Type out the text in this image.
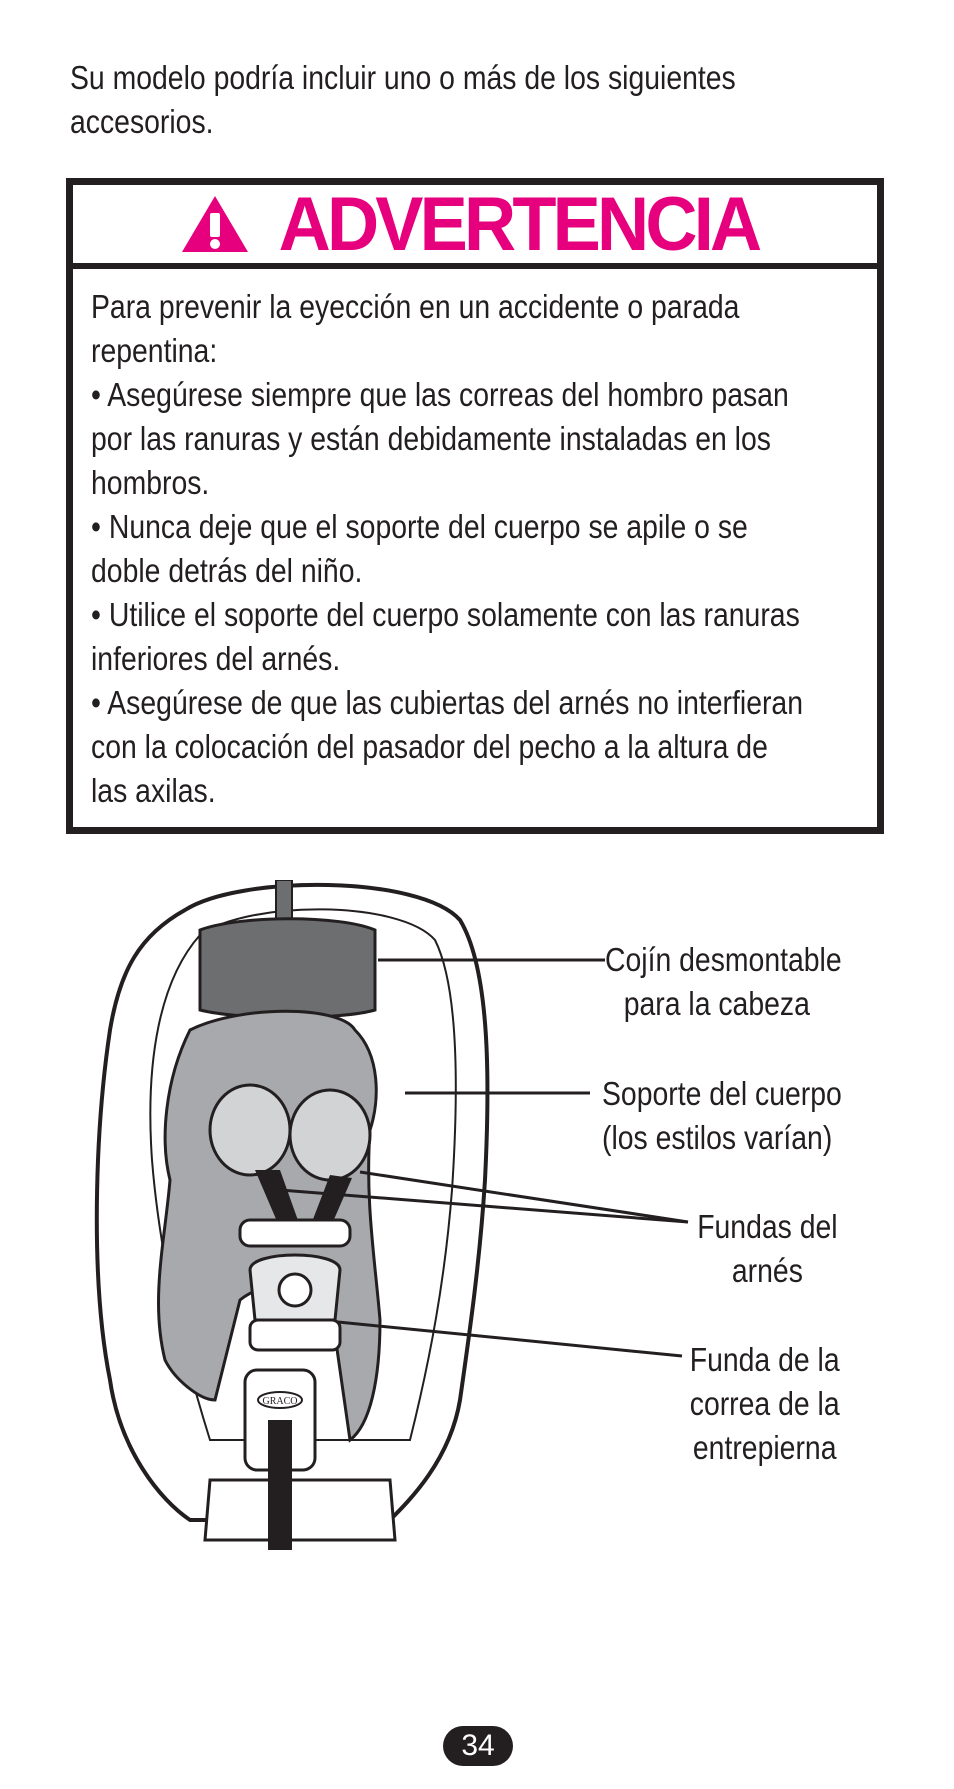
Su modelo podría incluir uno o más de los siguientes
accesorios.
ADVERTENCIA

Para prevenir la eyección en un accidente o parada

repentina:

• Asegúrese siempre que las correas del hombro pasan

por las ranuras y están debidamente instaladas en los

hombros.

• Nunca deje que el soporte del cuerpo se apile o se

doble detrás del niño.

• Utilice el soporte del cuerpo solamente con las ranuras

inferiores del arnés.

• Asegúrese de que las cubiertas del arnés no interfieran

con la colocación del pasador del pecho a la altura de

las axilas.

GRACO
Cojín desmontable
para la cabeza
Soporte del cuerpo
(los estilos varían)
Fundas del
arnés
Funda de la
correa de la
entrepierna
34
